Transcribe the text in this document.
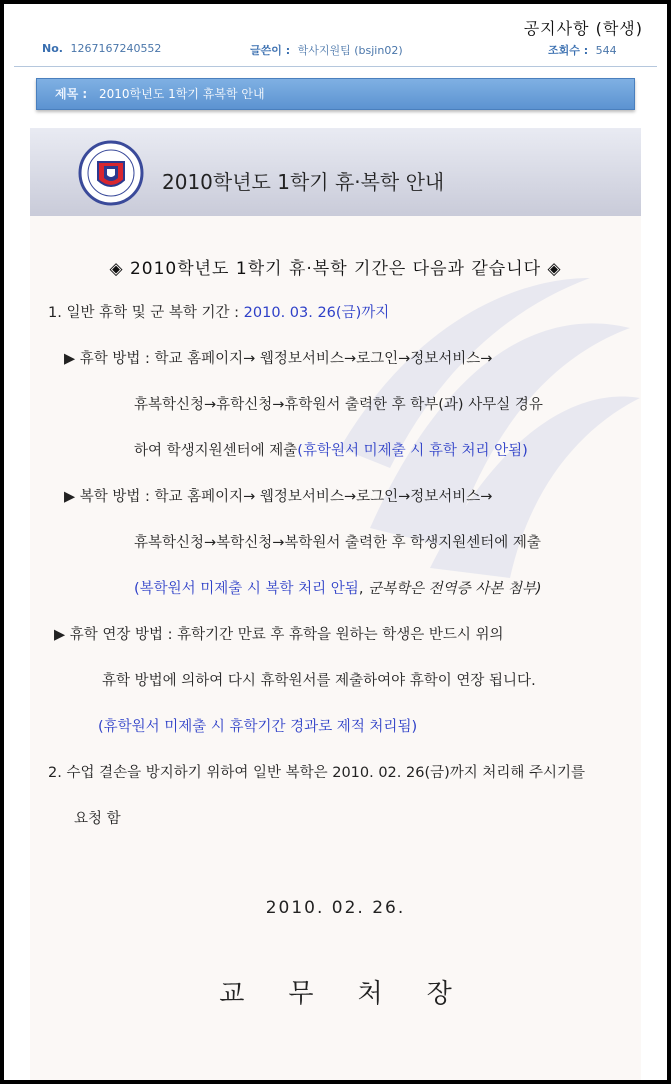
공지사항 (학생)
No. 1267167240552	글쓴이 : 학사지원팀 (bsjin02)	조회수 : 544
제목 : 2010학년도 1학기 휴복학 안내
2010학년도 1학기 휴·복학 안내
◈ 2010학년도 1학기 휴·복학 기간은 다음과 같습니다 ◈
1. 일반 휴학 및 군 복학 기간 : 2010. 03. 26(금)까지
▶ 휴학 방법 : 학교 홈페이지→ 웹정보서비스→로그인→정보서비스→
휴복학신청→휴학신청→휴학원서 출력한 후 학부(과) 사무실 경유
하여 학생지원센터에 제출(휴학원서 미제출 시 휴학 처리 안됨)
▶ 복학 방법 : 학교 홈페이지→ 웹정보서비스→로그인→정보서비스→
휴복학신청→복학신청→복학원서 출력한 후 학생지원센터에 제출
(복학원서 미제출 시 복학 처리 안됨, 군복학은 전역증 사본 첨부)
▶ 휴학 연장 방법 : 휴학기간 만료 후 휴학을 원하는 학생은 반드시 위의
휴학 방법에 의하여 다시 휴학원서를 제출하여야 휴학이 연장 됩니다.
(휴학원서 미제출 시 휴학기간 경과로 제적 처리됨)
2. 수업 결손을 방지하기 위하여 일반 복학은 2010. 02. 26(금)까지 처리해 주시기를
요청 함
2010. 02. 26.
교무처장
